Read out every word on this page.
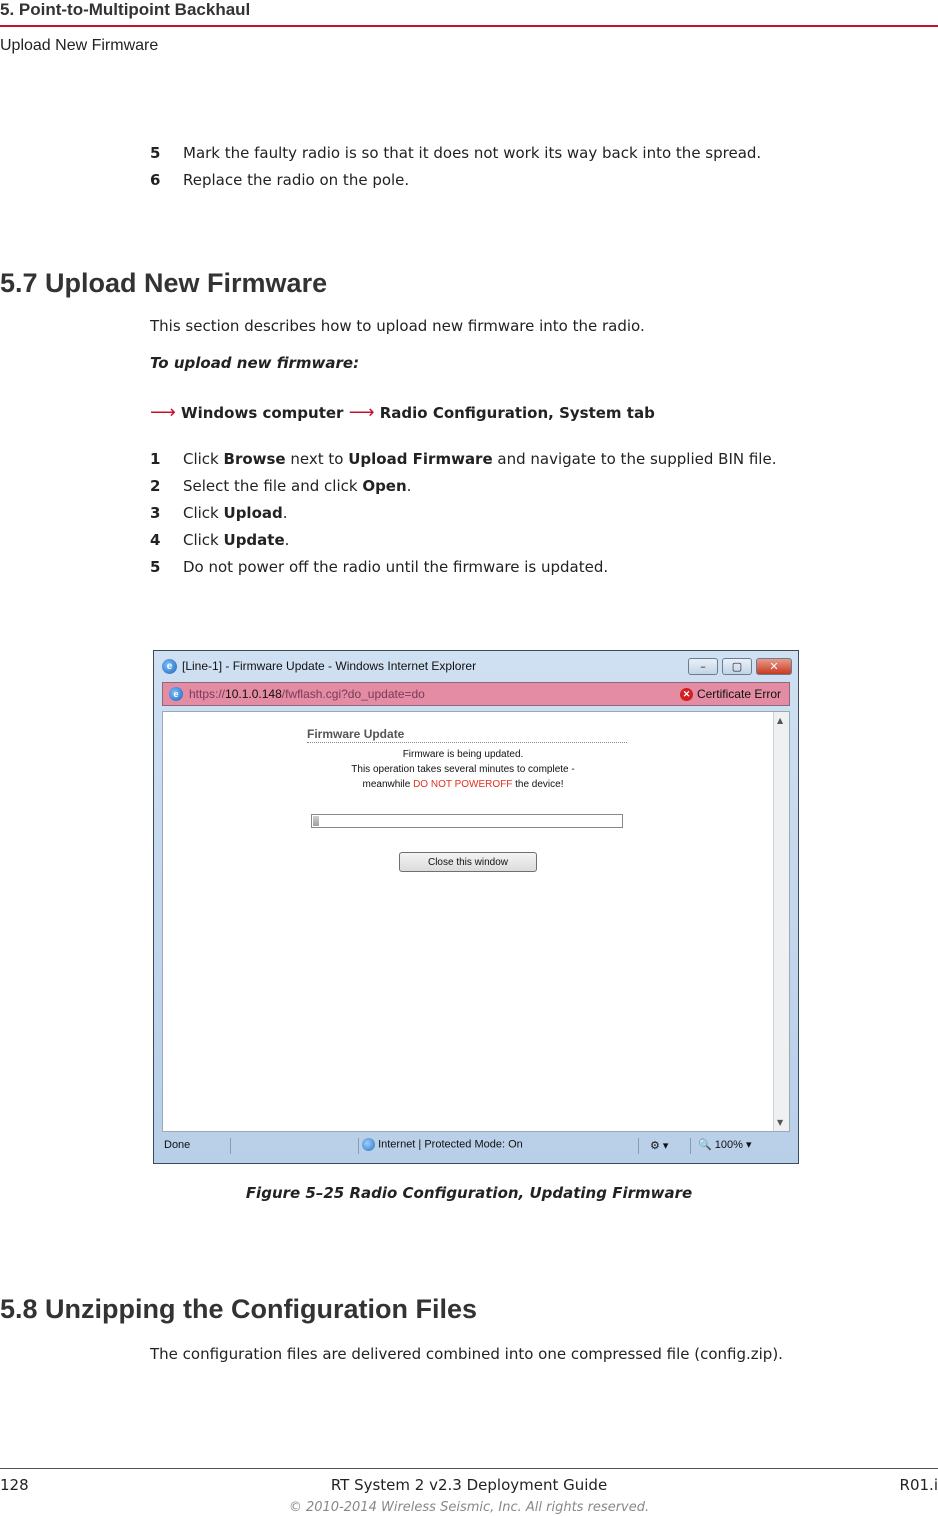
5. Point-to-Multipoint Backhaul
Upload New Firmware
5 Mark the faulty radio is so that it does not work its way back into the spread.
6 Replace the radio on the pole.
5.7 Upload New Firmware
This section describes how to upload new firmware into the radio.
To upload new firmware:
⟶ Windows computer ⟶ Radio Configuration, System tab
1 Click Browse next to Upload Firmware and navigate to the supplied BIN file.
2 Select the file and click Open.
3 Click Upload.
4 Click Update.
5 Do not power off the radio until the firmware is updated.
e [Line-1] - Firmware Update - Windows Internet Explorer	–	▢	✕
e https:// 10.1.0.148 /fwflash.cgi?do_update=do	✕ Certificate Error
Firmware Update
Firmware is being updated.
This operation takes several minutes to complete -
meanwhile DO NOT POWEROFF the device!
Close this window
▲
▼
Done	Internet | Protected Mode: On	⚙ ▾	🔍 100% ▾
Figure 5–25 Radio Configuration, Updating Firmware
5.8 Unzipping the Configuration Files
The configuration files are delivered combined into one compressed file (config.zip).
128	RT System 2 v2.3 Deployment Guide	R01.i
© 2010-2014 Wireless Seismic, Inc. All rights reserved.
